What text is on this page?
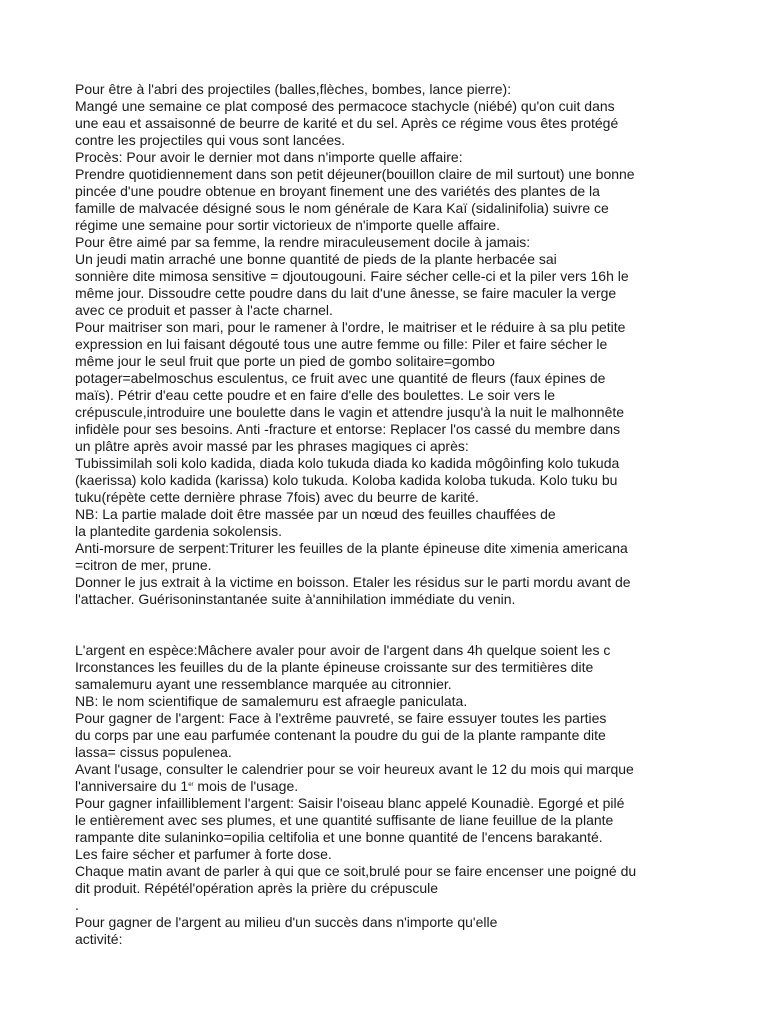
Pour être à l'abri des projectiles (balles,flèches, bombes, lance pierre):
Mangé une semaine ce plat composé des permacoce stachycle (niébé) qu'on cuit dans
une eau et assaisonné de beurre de karité et du sel. Après ce régime vous êtes protégé
contre les projectiles qui vous sont lancées.
Procès: Pour avoir le dernier mot dans n'importe quelle affaire:
Prendre quotidiennement dans son petit déjeuner(bouillon claire de mil surtout) une bonne
pincée d'une poudre obtenue en broyant finement une des variétés des plantes de la
famille de malvacée désigné sous le nom générale de Kara Kaï (sidalinifolia) suivre ce
régime une semaine pour sortir victorieux de n'importe quelle affaire.
Pour être aimé par sa femme, la rendre miraculeusement docile à jamais:
Un jeudi matin arraché une bonne quantité de pieds de la plante herbacée sai
sonnière dite mimosa sensitive = djoutougouni. Faire sécher celle-ci et la piler vers 16h le
même jour. Dissoudre cette poudre dans du lait d'une ânesse, se faire maculer la verge
avec ce produit et passer à l'acte charnel.
Pour maitriser son mari, pour le ramener à l'ordre, le maitriser et le réduire à sa plu petite
expression en lui faisant dégouté tous une autre femme ou fille: Piler et faire sécher le
même jour le seul fruit que porte un pied de gombo solitaire=gombo
potager=abelmoschus esculentus, ce fruit avec une quantité de fleurs (faux épines de
maïs). Pétrir d'eau cette poudre et en faire d'elle des boulettes. Le soir vers le
crépuscule,introduire une boulette dans le vagin et attendre jusqu'à la nuit le malhonnête
infidèle pour ses besoins. Anti -fracture et entorse: Replacer l'os cassé du membre dans
un plâtre après avoir massé par les phrases magiques ci après:
Tubissimilah soli kolo kadida, diada kolo tukuda diada ko kadida môgôinfing kolo tukuda
(kaerissa) kolo kadida (karissa) kolo tukuda. Koloba kadida koloba tukuda. Kolo tuku bu
tuku(répète cette dernière phrase 7fois) avec du beurre de karité.
NB: La partie malade doit être massée par un nœud des feuilles chauffées de
la plantedite gardenia sokolensis.
Anti-morsure de serpent:Triturer les feuilles de la plante épineuse dite ximenia americana
=citron de mer, prune.
Donner le jus extrait à la victime en boisson. Etaler les résidus sur le parti mordu avant de
l'attacher. Guérisoninstantanée suite à'annihilation immédiate du venin.
L'argent en espèce:Mâchere avaler pour avoir de l'argent dans 4h quelque soient les c
Irconstances les feuilles du de la plante épineuse croissante sur des termitières dite
samalemuru ayant une ressemblance marquée au citronnier.
NB: le nom scientifique de samalemuru est afraegle paniculata.
Pour gagner de l'argent: Face à l'extrême pauvreté, se faire essuyer toutes les parties
du corps par une eau parfumée contenant la poudre du gui de la plante rampante dite
lassa= cissus populenea.
Avant l'usage, consulter le calendrier pour se voir heureux avant le 12 du mois qui marque
l'anniversaire du 1er mois de l'usage.
Pour gagner infailliblement l'argent: Saisir l'oiseau blanc appelé Kounadiè. Egorgé et pilé
le entièrement avec ses plumes, et une quantité suffisante de liane feuillue de la plante
rampante dite sulaninko=opilia celtifolia et une bonne quantité de l'encens barakanté.
Les faire sécher et parfumer à forte dose.
Chaque matin avant de parler à qui que ce soit,brulé pour se faire encenser une poigné du
dit produit. Répétél'opération après la prière du crépuscule
.
Pour gagner de l'argent au milieu d'un succès dans n'importe qu'elle
activité:
